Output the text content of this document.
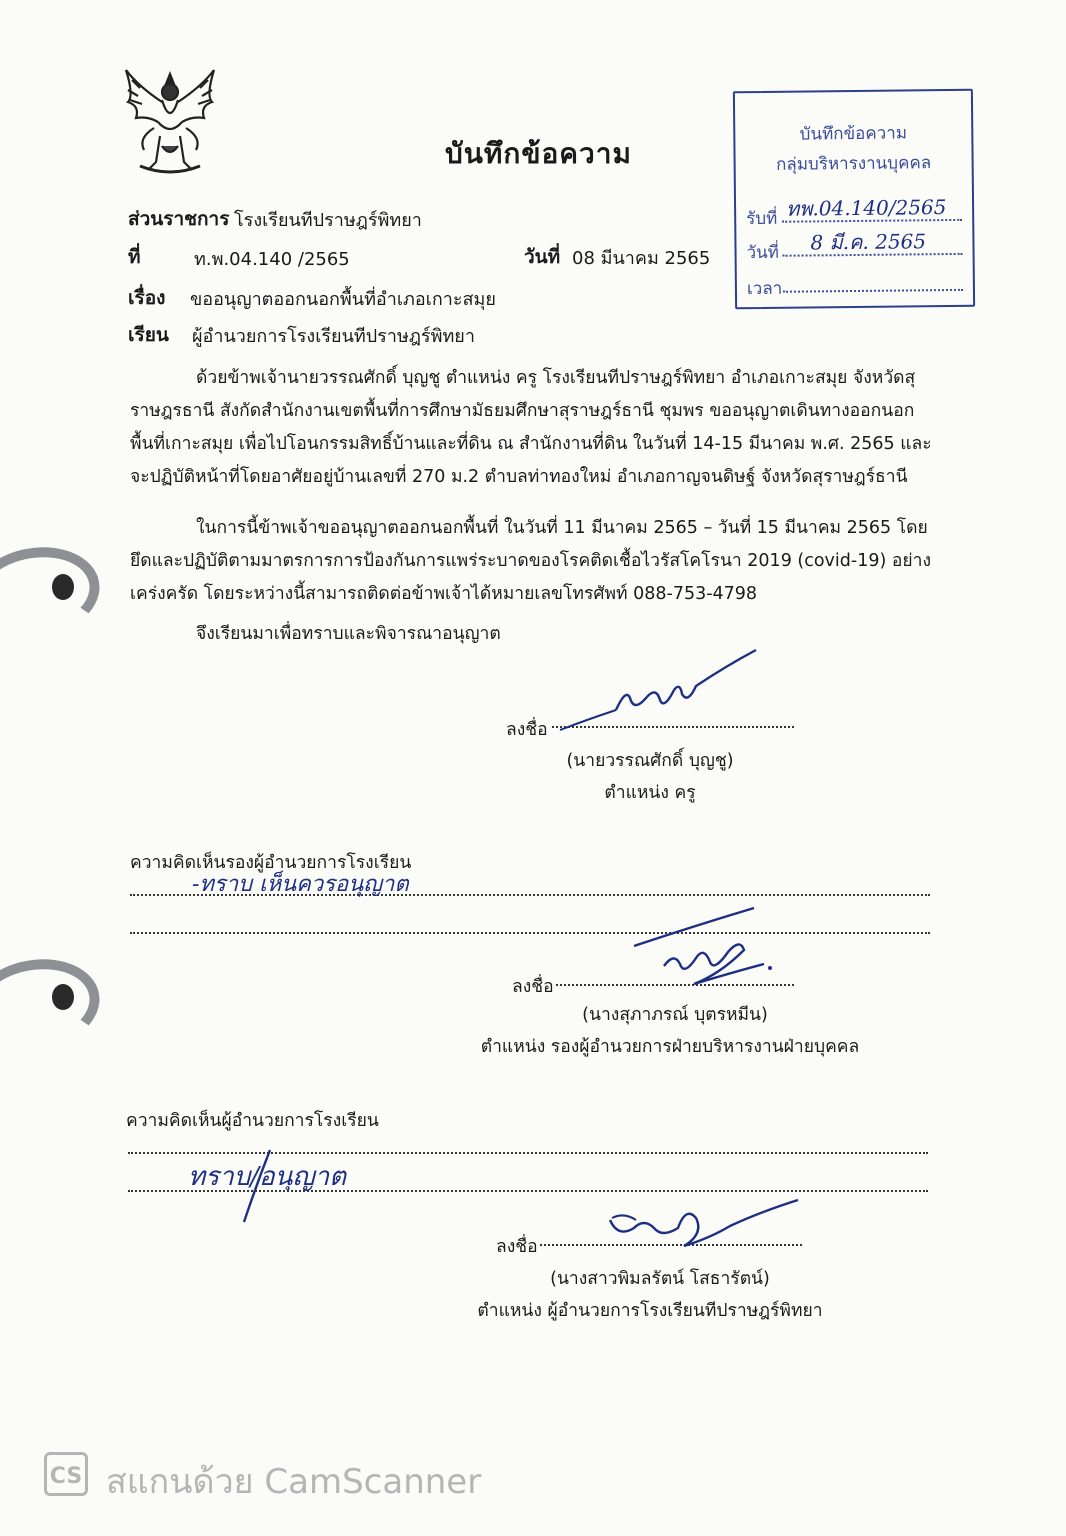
บันทึกข้อความ
ส่วนราชการ โรงเรียนทีปราษฎร์พิทยา
ที่	ท.พ.04.140 /2565	วันที่ 08 มีนาคม 2565
เรื่อง ขออนุญาตออกนอกพื้นที่อำเภอเกาะสมุย
เรียน ผู้อำนวยการโรงเรียนทีปราษฎร์พิทยา
บันทึกข้อความ
กลุ่มบริหารงานบุคคล
รับที่ ทพ.04.140/2565
วันที่ 8 มี.ค. 2565
เวลา
ด้วยข้าพเจ้านายวรรณศักดิ์ บุญชู ตำแหน่ง ครู โรงเรียนทีปราษฎร์พิทยา อำเภอเกาะสมุย จังหวัดสุราษฎรธานี สังกัดสำนักงานเขตพื้นที่การศึกษามัธยมศึกษาสุราษฎร์ธานี ชุมพร ขออนุญาตเดินทางออกนอกพื้นที่เกาะสมุย เพื่อไปโอนกรรมสิทธิ์บ้านและที่ดิน ณ สำนักงานที่ดิน ในวันที่ 14-15 มีนาคม พ.ศ. 2565 และจะปฏิบัติหน้าที่โดยอาศัยอยู่บ้านเลขที่ 270 ม.2 ตำบลท่าทองใหม่ อำเภอกาญจนดิษฐ์ จังหวัดสุราษฎร์ธานี
ในการนี้ข้าพเจ้าขออนุญาตออกนอกพื้นที่ ในวันที่ 11 มีนาคม 2565 – วันที่ 15 มีนาคม 2565 โดยยึดและปฏิบัติตามมาตรการการป้องกันการแพร่ระบาดของโรคติดเชื้อไวรัสโคโรนา 2019 (covid-19) อย่างเคร่งครัด โดยระหว่างนี้สามารถติดต่อข้าพเจ้าได้หมายเลขโทรศัพท์ 088-753-4798
จึงเรียนมาเพื่อทราบและพิจารณาอนุญาต
ลงชื่อ
(นายวรรณศักดิ์ บุญชู)
ตำแหน่ง ครู
ความคิดเห็นรองผู้อำนวยการโรงเรียน
-ทราบ เห็นควรอนุญาต
ลงชื่อ
(นางสุภาภรณ์ บุตรหมีน)
ตำแหน่ง รองผู้อำนวยการฝ่ายบริหารงานฝ่ายบุคคล
ความคิดเห็นผู้อำนวยการโรงเรียน
ทราบ/อนุญาต
ลงชื่อ
(นางสาวพิมลรัตน์ โสธารัตน์)
ตำแหน่ง ผู้อำนวยการโรงเรียนทีปราษฎร์พิทยา
CS สแกนด้วย CamScanner
